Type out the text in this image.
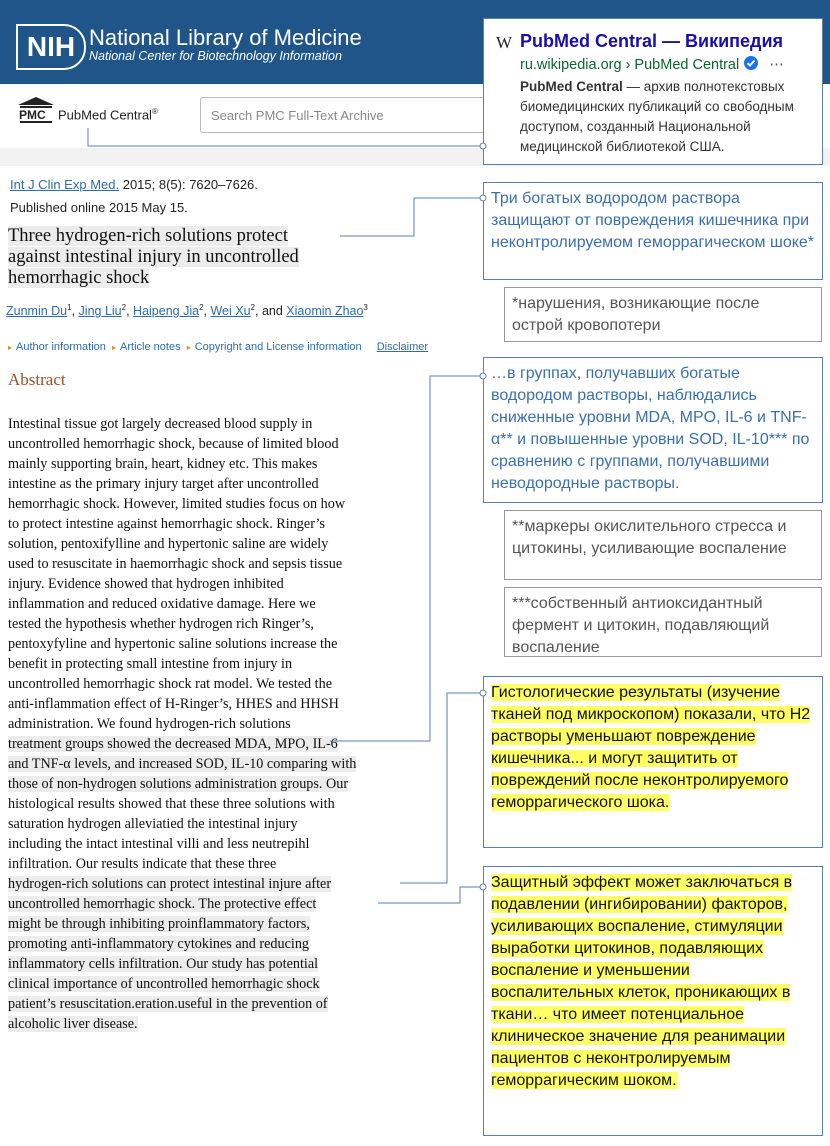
NIH National Library of Medicine
National Center for Biotechnology Information
PMC PubMed Central®	Search PMC Full-Text Archive
Int J Clin Exp Med. 2015; 8(5): 7620–7626.
Published online 2015 May 15.
Three hydrogen-rich solutions protect
against intestinal injury in uncontrolled
hemorrhagic shock
Zunmin Du$^1$, Jing Liu$^2$, Haipeng Jia$^2$, Wei Xu$^2$, and Xiaomin Zhao$^3$
▸ Author information ▸ Article notes ▸ Copyright and License information Disclaimer
Abstract
Intestinal tissue got largely decreased blood supply in
uncontrolled hemorrhagic shock, because of limited blood
mainly supporting brain, heart, kidney etc. This makes
intestine as the primary injury target after uncontrolled
hemorrhagic shock. However, limited studies focus on how
to protect intestine against hemorrhagic shock. Ringer’s
solution, pentoxifylline and hypertonic saline are widely
used to resuscitate in haemorrhagic shock and sepsis tissue
injury. Evidence showed that hydrogen inhibited
inflammation and reduced oxidative damage. Here we
tested the hypothesis whether hydrogen rich Ringer’s,
pentoxyfyline and hypertonic saline solutions increase the
benefit in protecting small intestine from injury in
uncontrolled hemorrhagic shock rat model. We tested the
anti-inflammation effect of H-Ringer’s, HHES and HHSH
administration. We found hydrogen-rich solutions
treatment groups showed the decreased MDA, MPO, IL-6
and TNF-α levels, and increased SOD, IL-10 comparing with
those of non-hydrogen solutions administration groups. Our
histological results showed that these three solutions with
saturation hydrogen alleviatied the intestinal injury
including the intact intestinal villi and less neutrepihl
infiltration. Our results indicate that these three
hydrogen-rich solutions can protect intestinal injure after
uncontrolled hemorrhagic shock. The protective effect
might be through inhibiting proinflammatory factors,
promoting anti-inflammatory cytokines and reducing
inflammatory cells infiltration. Our study has potential
clinical importance of uncontrolled hemorrhagic shock
patient’s resuscitation.eration.useful in the prevention of
alcoholic liver disease.

W PubMed Central — Википедия
ru.wikipedia.org › PubMed Central ⋯
PubMed Central — архив полнотекстовых биомедицинских публикаций со свободным доступом, созданный Национальной медицинской библиотекой США.
Три богатых водородом раствора защищают от повреждения кишечника при неконтролируемом геморрагическом шоке*
*нарушения, возникающие после острой кровопотери
…в группах, получавших богатые водородом растворы, наблюдались сниженные уровни MDA, MPO, IL-6 и TNF-α** и повышенные уровни SOD, IL-10*** по сравнению с группами, получавшими неводородные растворы.
**маркеры окислительного стресса и цитокины, усиливающие воспаление
***собственный антиоксидантный фермент и цитокин, подавляющий воспаление
Гистологические результаты (изучение тканей под микроскопом) показали, что H2 растворы уменьшают повреждение кишечника... и могут защитить от повреждений после неконтролируемого геморрагического шока.
Защитный эффект может заключаться в подавлении (ингибировании) факторов, усиливающих воспаление, стимуляции выработки цитокинов, подавляющих воспаление и уменьшении воспалительных клеток, проникающих в ткани… что имеет потенциальное клиническое значение для реанимации пациентов с неконтролируемым геморрагическим шоком.
